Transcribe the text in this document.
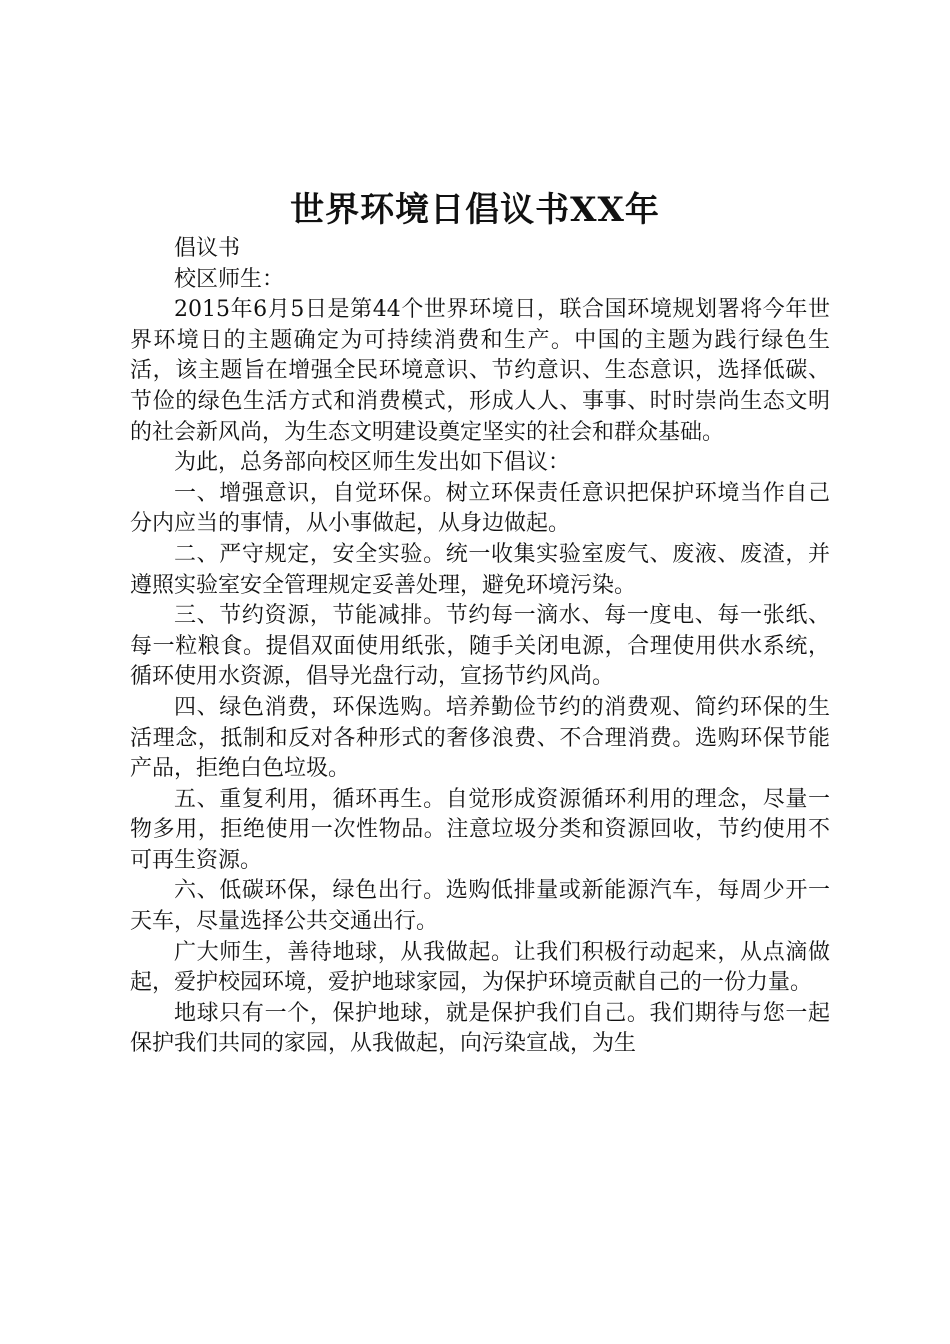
世界环境日倡议书XX年

倡议书

校区师生：

2015年6月5日是第44个世界环境日，联合国环境规划署将今年世界环境日的主题确定为可持续消费和生产。中国的主题为践行绿色生活，该主题旨在增强全民环境意识、节约意识、生态意识，选择低碳、节俭的绿色生活方式和消费模式，形成人人、事事、时时崇尚生态文明的社会新风尚，为生态文明建设奠定坚实的社会和群众基础。

为此，总务部向校区师生发出如下倡议：

一、增强意识，自觉环保。树立环保责任意识把保护环境当作自己分内应当的事情，从小事做起，从身边做起。

二、严守规定，安全实验。统一收集实验室废气、废液、废渣，并遵照实验室安全管理规定妥善处理，避免环境污染。

三、节约资源，节能减排。节约每一滴水、每一度电、每一张纸、每一粒粮食。提倡双面使用纸张，随手关闭电源，合理使用供水系统，循环使用水资源，倡导光盘行动，宣扬节约风尚。

四、绿色消费，环保选购。培养勤俭节约的消费观、简约环保的生活理念，抵制和反对各种形式的奢侈浪费、不合理消费。选购环保节能产品，拒绝白色垃圾。

五、重复利用，循环再生。自觉形成资源循环利用的理念，尽量一物多用，拒绝使用一次性物品。注意垃圾分类和资源回收，节约使用不可再生资源。

六、低碳环保，绿色出行。选购低排量或新能源汽车，每周少开一天车，尽量选择公共交通出行。

广大师生，善待地球，从我做起。让我们积极行动起来，从点滴做起，爱护校园环境，爱护地球家园，为保护环境贡献自己的一份力量。

地球只有一个，保护地球，就是保护我们自己。我们期待与您一起保护我们共同的家园，从我做起，向污染宣战，为生
